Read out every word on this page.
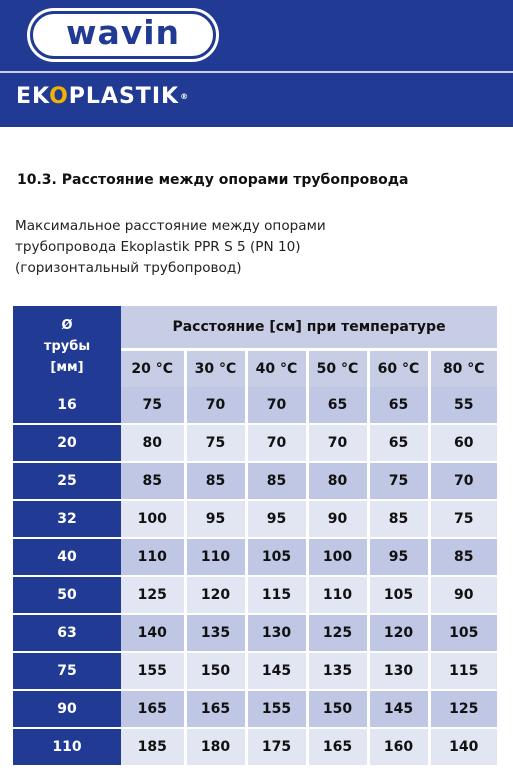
wavin
EKOPLASTIK®
10.3. Расстояние между опорами трубопровода
Максимальное расстояние между опорами
трубопровода Ekoplastik PPR S 5 (PN 10)
(горизонтальный трубопровод)
Ø
трубы
[мм]	Расстояние [см] при температуре					
	20 °C	30 °C	40 °C	50 °C	60 °C	80 °C
16	75	70	70	65	65	55
20	80	75	70	70	65	60
25	85	85	85	80	75	70
32	100	95	95	90	85	75
40	110	110	105	100	95	85
50	125	120	115	110	105	90
63	140	135	130	125	120	105
75	155	150	145	135	130	115
90	165	165	155	150	145	125
110	185	180	175	165	160	140
